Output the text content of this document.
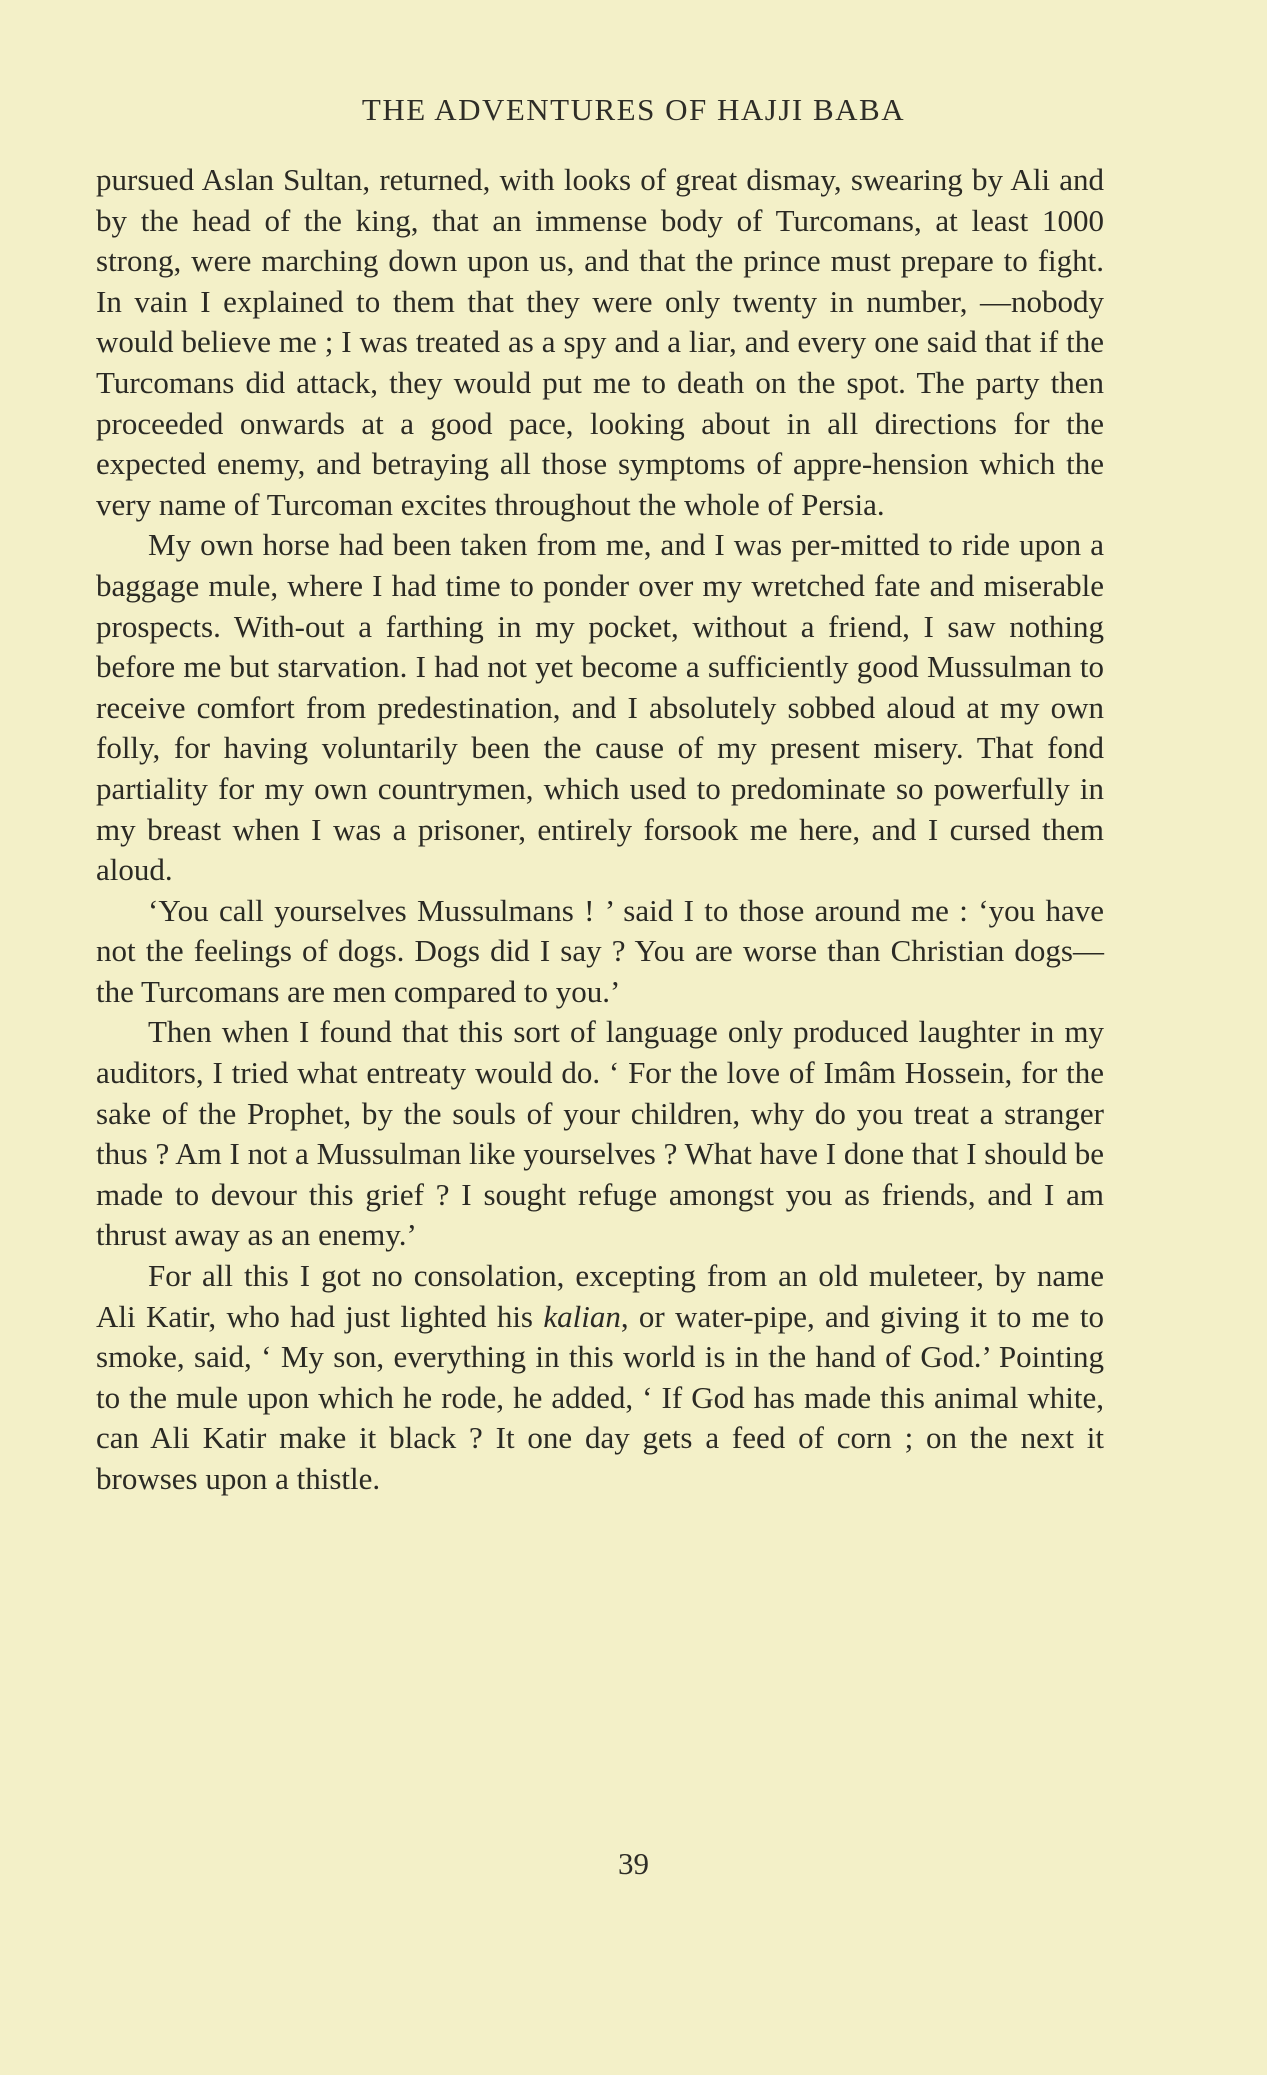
THE ADVENTURES OF HAJJI BABA

pursued Aslan Sultan, returned, with looks of great dismay, swearing by Ali and by the head of the king, that an immense body of Turcomans, at least 1000 strong, were marching down upon us, and that the prince must prepare to fight. In vain I explained to them that they were only twenty in number, —nobody would believe me ; I was treated as a spy and a liar, and every one said that if the Turcomans did attack, they would put me to death on the spot. The party then proceeded onwards at a good pace, looking about in all directions for the expected enemy, and betraying all those symptoms of appre-hension which the very name of Turcoman excites throughout the whole of Persia.

My own horse had been taken from me, and I was per-mitted to ride upon a baggage mule, where I had time to ponder over my wretched fate and miserable prospects. With-out a farthing in my pocket, without a friend, I saw nothing before me but starvation. I had not yet become a sufficiently good Mussulman to receive comfort from predestination, and I absolutely sobbed aloud at my own folly, for having voluntarily been the cause of my present misery. That fond partiality for my own countrymen, which used to predominate so powerfully in my breast when I was a prisoner, entirely forsook me here, and I cursed them aloud.

‘You call yourselves Mussulmans ! ’ said I to those around me : ‘you have not the feelings of dogs. Dogs did I say ? You are worse than Christian dogs—the Turcomans are men compared to you.’

Then when I found that this sort of language only produced laughter in my auditors, I tried what entreaty would do. ‘ For the love of Imâm Hossein, for the sake of the Prophet, by the souls of your children, why do you treat a stranger thus ? Am I not a Mussulman like yourselves ? What have I done that I should be made to devour this grief ? I sought refuge amongst you as friends, and I am thrust away as an enemy.’

For all this I got no consolation, excepting from an old muleteer, by name Ali Katir, who had just lighted his kalian, or water-pipe, and giving it to me to smoke, said, ‘ My son, everything in this world is in the hand of God.’ Pointing to the mule upon which he rode, he added, ‘ If God has made this animal white, can Ali Katir make it black ? It one day gets a feed of corn ; on the next it browses upon a thistle.

39
